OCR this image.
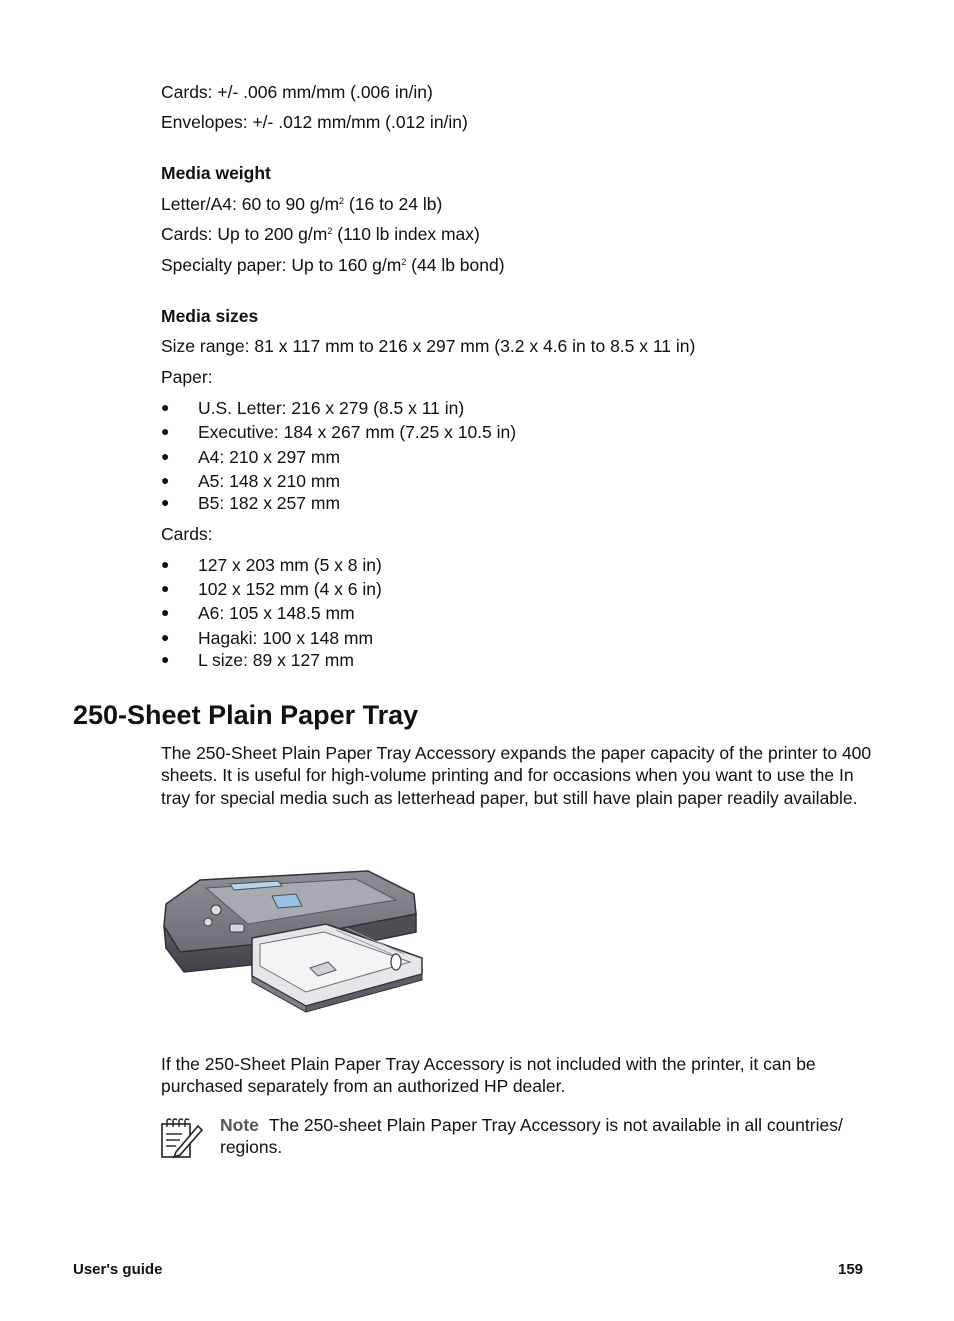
Cards: +/- .006 mm/mm (.006 in/in)
Envelopes: +/- .012 mm/mm (.012 in/in)
Media weight
Letter/A4: 60 to 90 $g/m^2$ (16 to 24 lb)
Cards: Up to 200 $g/m^2$ (110 lb index max)
Specialty paper: Up to 160 $g/m^2$ (44 lb bond)
Media sizes
Size range: 81 x 117 mm to 216 x 297 mm (3.2 x 4.6 in to 8.5 x 11 in)
Paper:
● U.S. Letter: 216 x 279 (8.5 x 11 in)
● Executive: 184 x 267 mm (7.25 x 10.5 in)
● A4: 210 x 297 mm
● A5: 148 x 210 mm
● B5: 182 x 257 mm
Cards:
● 127 x 203 mm (5 x 8 in)
● 102 x 152 mm (4 x 6 in)
● A6: 105 x 148.5 mm
● Hagaki: 100 x 148 mm
● L size: 89 x 127 mm
250-Sheet Plain Paper Tray
The 250-Sheet Plain Paper Tray Accessory expands the paper capacity of the printer to 400 sheets. It is useful for high-volume printing and for occasions when you want to use the In tray for special media such as letterhead paper, but still have plain paper readily available.
If the 250-Sheet Plain Paper Tray Accessory is not included with the printer, it can be purchased separately from an authorized HP dealer.
Note The 250-sheet Plain Paper Tray Accessory is not available in all countries/ regions.
User's guide	159
